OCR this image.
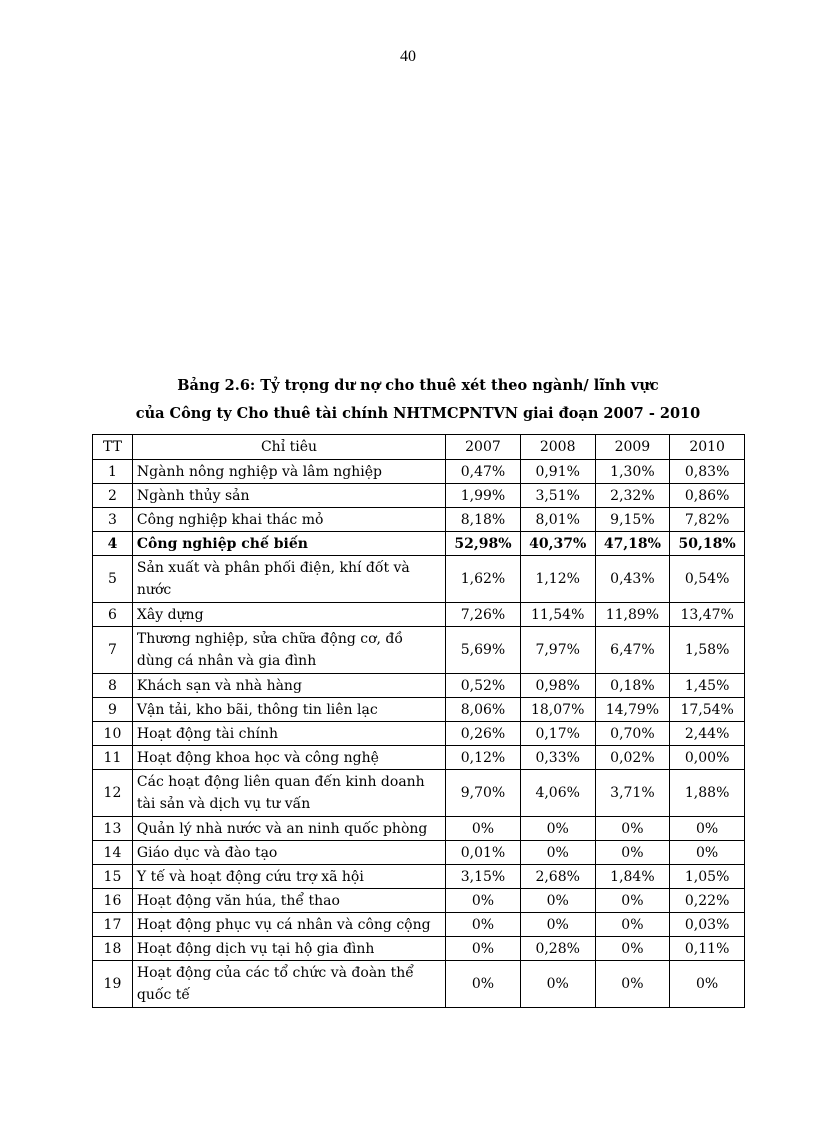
40
Bảng 2.6: Tỷ trọng dư nợ cho thuê xét theo ngành/ lĩnh vực
của Công ty Cho thuê tài chính NHTMCPNTVN giai đoạn 2007 - 2010
TT	Chỉ tiêu	2007	2008	2009	2010
1	Ngành nông nghiệp và lâm nghiệp	0,47%	0,91%	1,30%	0,83%
2	Ngành thủy sản	1,99%	3,51%	2,32%	0,86%
3	Công nghiệp khai thác mỏ	8,18%	8,01%	9,15%	7,82%
4	Công nghiệp chế biến	52,98%	40,37%	47,18%	50,18%
5	Sản xuất và phân phối điện, khí đốt và nước	1,62%	1,12%	0,43%	0,54%
6	Xây dựng	7,26%	11,54%	11,89%	13,47%
7	Thương nghiệp, sửa chữa động cơ, đồ dùng cá nhân và gia đình	5,69%	7,97%	6,47%	1,58%
8	Khách sạn và nhà hàng	0,52%	0,98%	0,18%	1,45%
9	Vận tải, kho bãi, thông tin liên lạc	8,06%	18,07%	14,79%	17,54%
10	Hoạt động tài chính	0,26%	0,17%	0,70%	2,44%
11	Hoạt động khoa học và công nghệ	0,12%	0,33%	0,02%	0,00%
12	Các hoạt động liên quan đến kinh doanh tài sản và dịch vụ tư vấn	9,70%	4,06%	3,71%	1,88%
13	Quản lý nhà nước và an ninh quốc phòng	0%	0%	0%	0%
14	Giáo dục và đào tạo	0,01%	0%	0%	0%
15	Y tế và hoạt động cứu trợ xã hội	3,15%	2,68%	1,84%	1,05%
16	Hoạt động văn húa, thể thao	0%	0%	0%	0,22%
17	Hoạt động phục vụ cá nhân và công cộng	0%	0%	0%	0,03%
18	Hoạt động dịch vụ tại hộ gia đình	0%	0,28%	0%	0,11%
19	Hoạt động của các tổ chức và đoàn thể quốc tế	0%	0%	0%	0%
